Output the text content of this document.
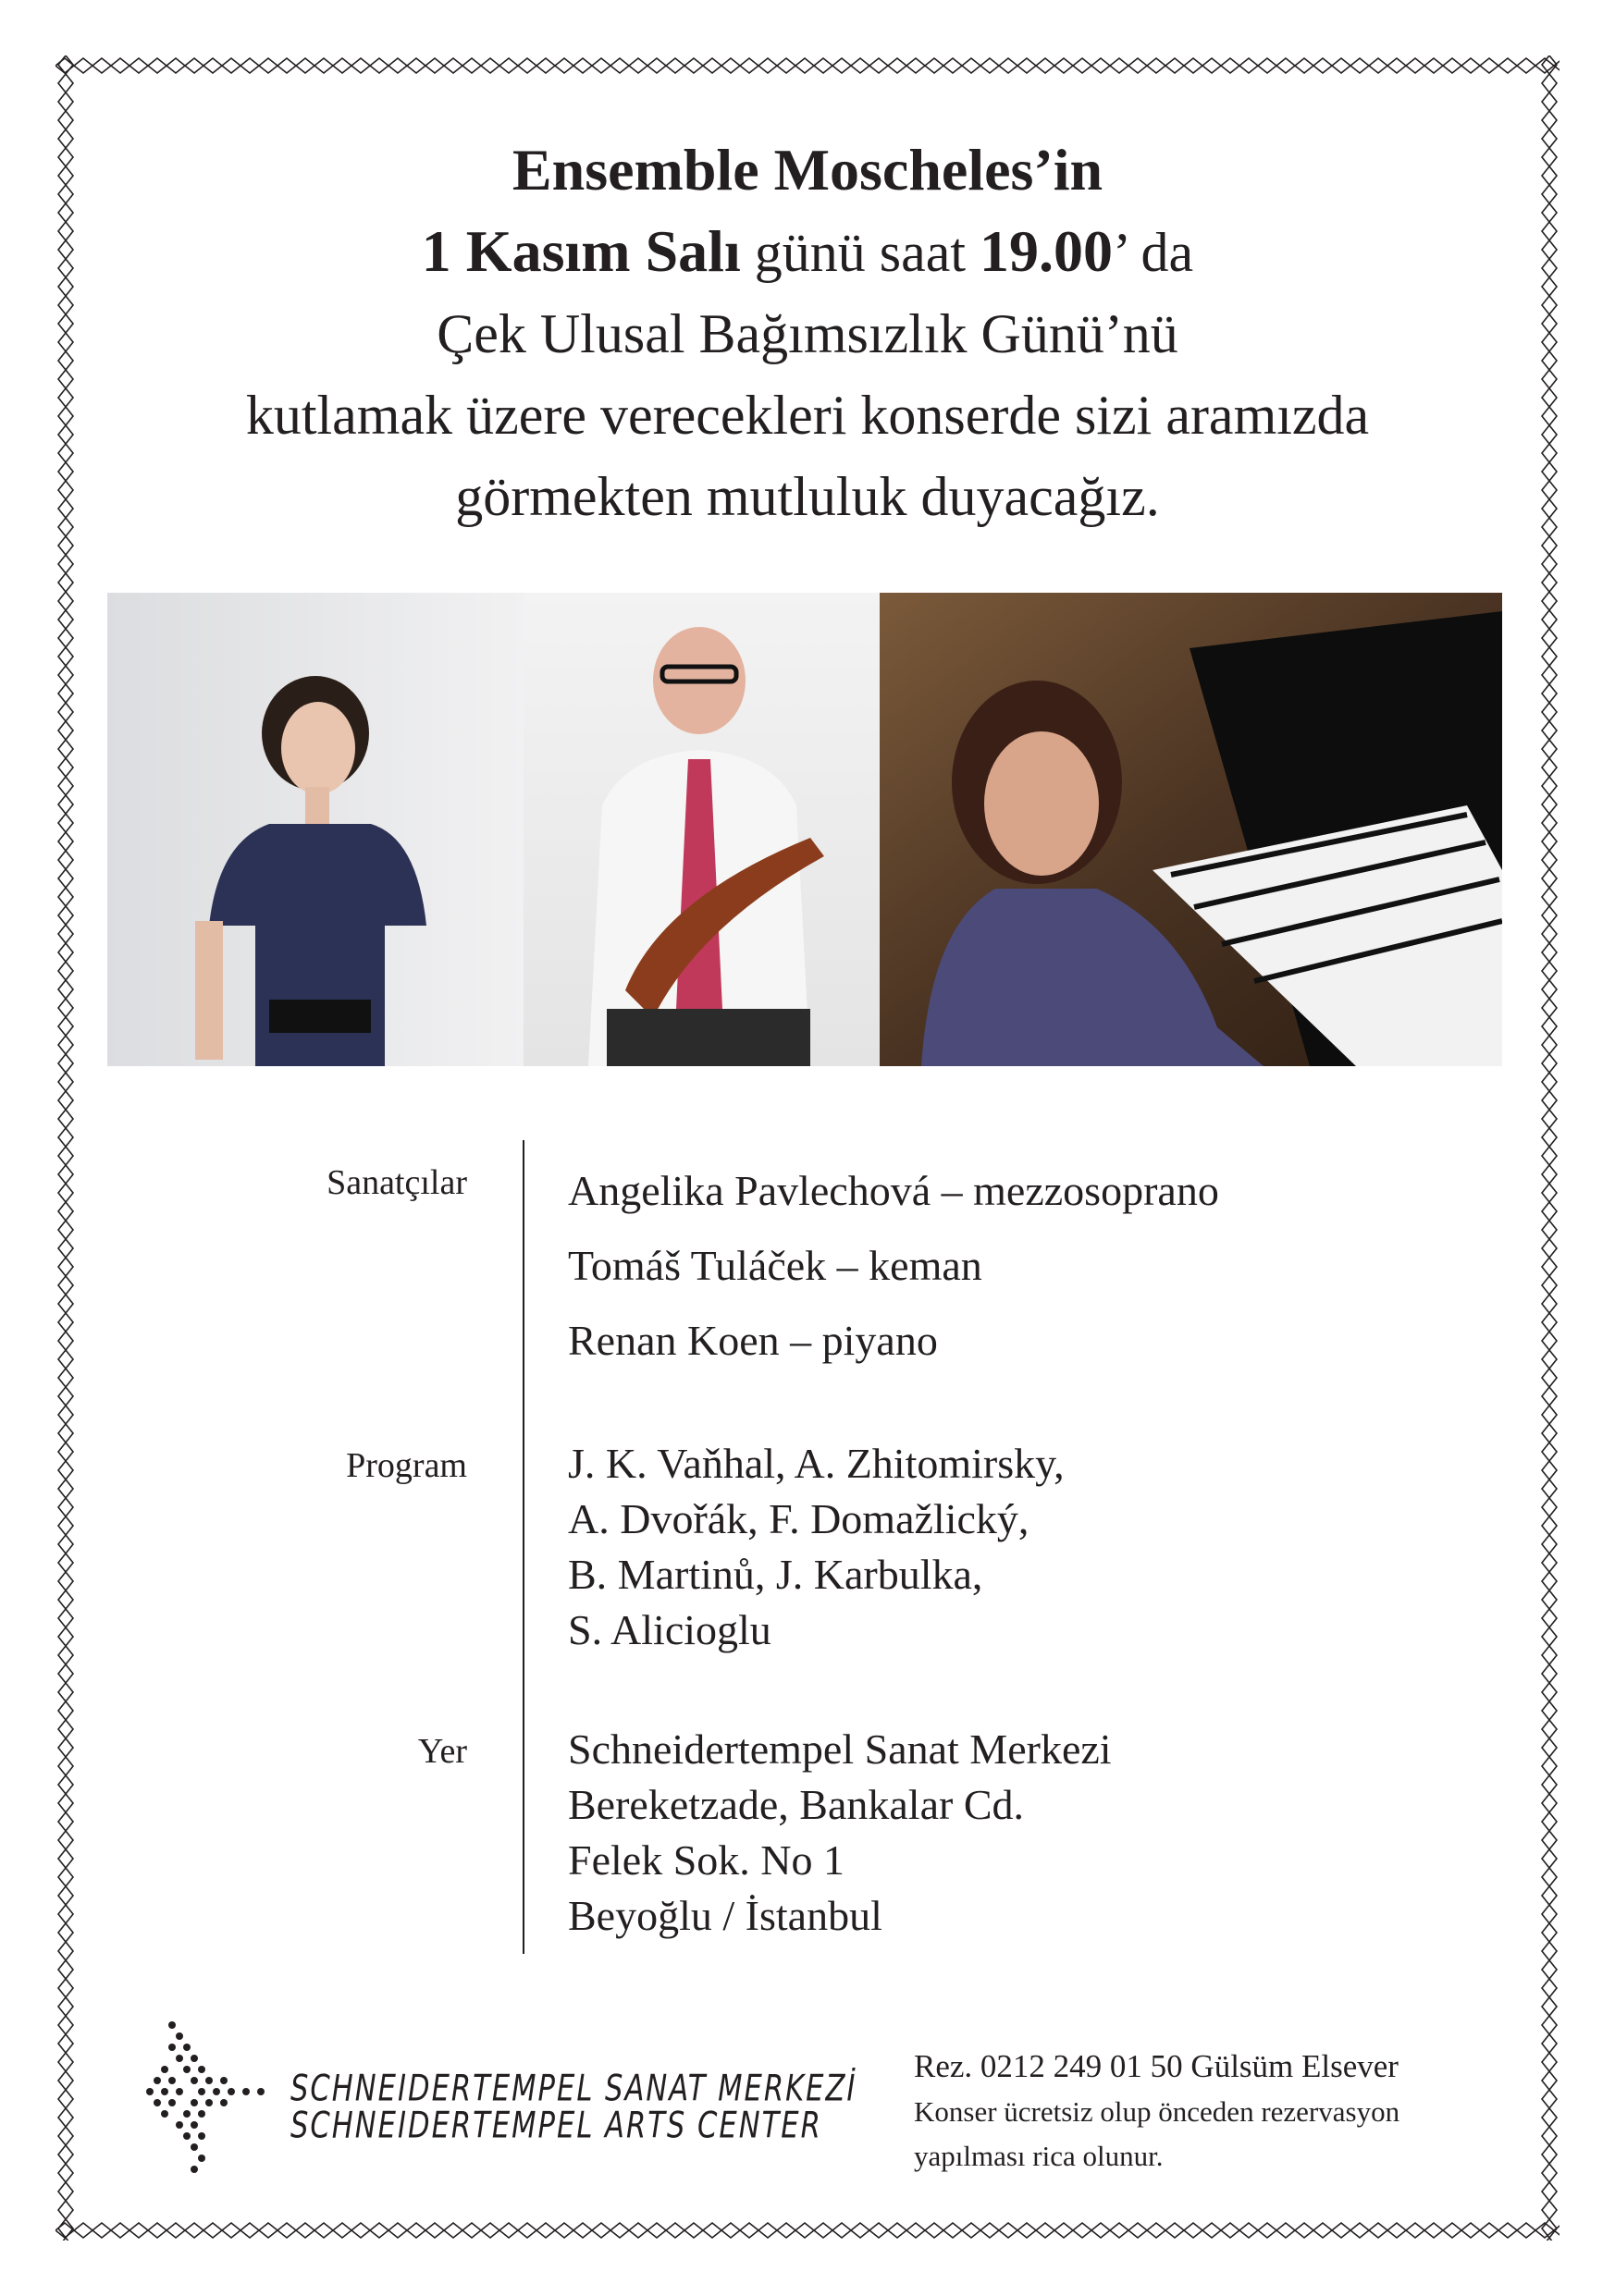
Ensemble Moscheles’in
1 Kasım Salı günü saat 19.00’ da
Çek Ulusal Bağımsızlık Günü’nü
kutlamak üzere verecekleri konserde sizi aramızda
görmekten mutluluk duyacağız.
Sanatçılar Angelika Pavlechová – mezzosoprano
Tomáš Tuláček – keman
Renan Koen – piyano
Program J. K. Vaňhal, A. Zhitomirsky,
A. Dvořák, F. Domažlický,
B. Martinů, J. Karbulka,
S. Alicioglu
Yer Schneidertempel Sanat Merkezi
Bereketzade, Bankalar Cd.
Felek Sok. No 1
Beyoğlu / İstanbul
SCHNEIDERTEMPEL SANAT MERKEZİ
SCHNEIDERTEMPEL ARTS CENTER
Rez. 0212 249 01 50 Gülsüm Elsever
Konser ücretsiz olup önceden rezervasyon
yapılması rica olunur.
